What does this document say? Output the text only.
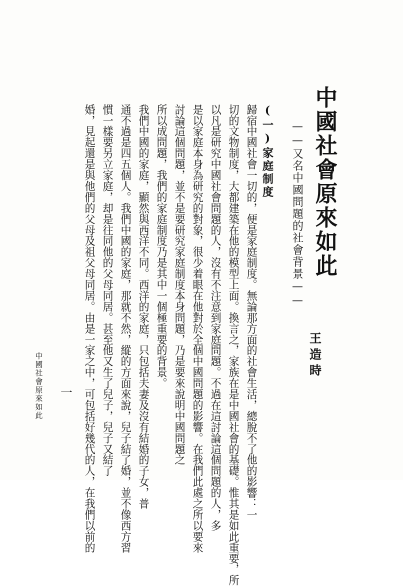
中國社會原來如此
——又名中國問題的社會背景——
王造時
(一)家庭制度
歸宿中國社會一切的，便是家庭制度。無論那方面的社會生活，總脫不了他的影響：一
切的文物制度，大都建築在他的模型上面。換言之，家族在是中國社會的基礎。惟其是如此重要，所
以凡是研究中國社會問題的人，沒有不注意到家庭問題。不過在這討論這個問題的人，多
是以家庭本身為研究的對象，很少着眼在他對於全個中國問題的影響。在我們此處之所以要來
討論這個問題，並不是要研究家庭制度本身問題，乃是要來說明中國問題之
所以成問題，我們的家庭制度乃是其中一個極重要的背景。
我們中國的家庭，顯然與西洋不同。西洋的家庭，只包括夫妻及沒有結婚的子女，普
通不過是四五個人。我們中國的家庭，那就不然，縱的方面來說，兒子結了婚，並不像西方習
慣一樣要另立家庭，却是往同他的父母同居。甚至他又生了兒子，兒子又結了
婚，見起還是與他們的父母及祖父母同居。由是一家之中，可包括好幾代的人，在我們以前的
中國社會原來如此 一
